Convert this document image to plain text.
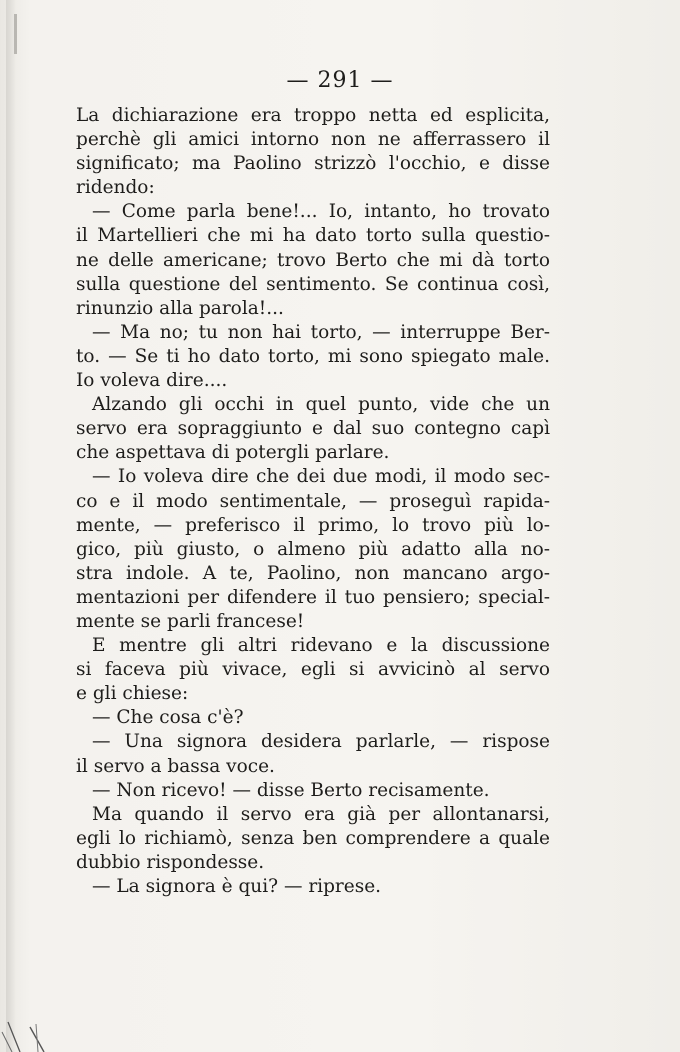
— 291 —
La dichiarazione era troppo netta ed esplicita,
perchè gli amici intorno non ne afferrassero il
significato; ma Paolino strizzò l'occhio, e disse
ridendo:
— Come parla bene!... Io, intanto, ho trovato
il Martellieri che mi ha dato torto sulla questio-
ne delle americane; trovo Berto che mi dà torto
sulla questione del sentimento. Se continua così,
rinunzio alla parola!...
— Ma no; tu non hai torto, — interruppe Ber-
to. — Se ti ho dato torto, mi sono spiegato male.
Io voleva dire....
Alzando gli occhi in quel punto, vide che un
servo era sopraggiunto e dal suo contegno capì
che aspettava di potergli parlare.
— Io voleva dire che dei due modi, il modo sec-
co e il modo sentimentale, — proseguì rapida-
mente, — preferisco il primo, lo trovo più lo-
gico, più giusto, o almeno più adatto alla no-
stra indole. A te, Paolino, non mancano argo-
mentazioni per difendere il tuo pensiero; special-
mente se parli francese!
E mentre gli altri ridevano e la discussione
si faceva più vivace, egli si avvicinò al servo
e gli chiese:
— Che cosa c'è?
— Una signora desidera parlarle, — rispose
il servo a bassa voce.
— Non ricevo! — disse Berto recisamente.
Ma quando il servo era già per allontanarsi,
egli lo richiamò, senza ben comprendere a quale
dubbio rispondesse.
— La signora è qui? — riprese.
